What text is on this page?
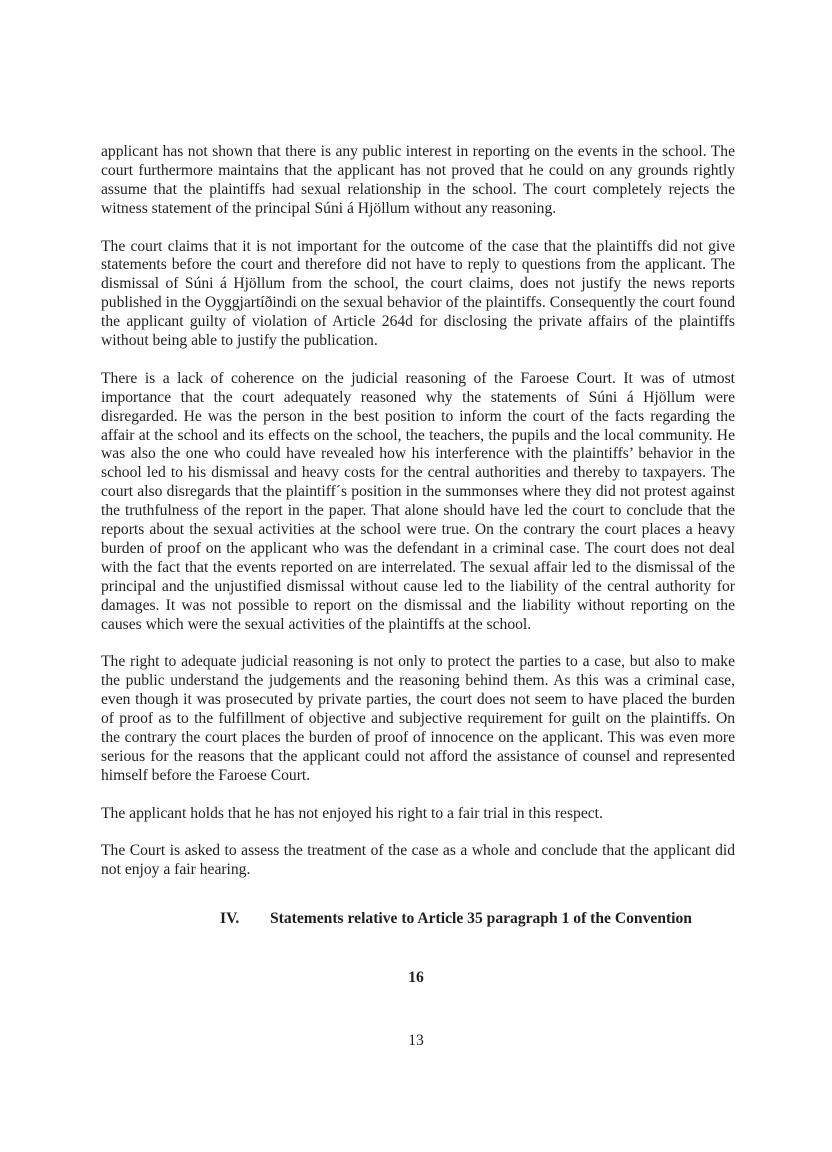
applicant has not shown that there is any public interest in reporting on the events in the school. The court furthermore maintains that the applicant has not proved that he could on any grounds rightly assume that the plaintiffs had sexual relationship in the school. The court completely rejects the witness statement of the principal Súni á Hjöllum without any reasoning.

The court claims that it is not important for the outcome of the case that the plaintiffs did not give statements before the court and therefore did not have to reply to questions from the applicant. The dismissal of Súni á Hjöllum from the school, the court claims, does not justify the news reports published in the Oyggjartíðindi on the sexual behavior of the plaintiffs. Consequently the court found the applicant guilty of violation of Article 264d for disclosing the private affairs of the plaintiffs without being able to justify the publication.

There is a lack of coherence on the judicial reasoning of the Faroese Court. It was of utmost importance that the court adequately reasoned why the statements of Súni á Hjöllum were disregarded. He was the person in the best position to inform the court of the facts regarding the affair at the school and its effects on the school, the teachers, the pupils and the local community. He was also the one who could have revealed how his interference with the plaintiffs’ behavior in the school led to his dismissal and heavy costs for the central authorities and thereby to taxpayers. The court also disregards that the plaintiff´s position in the summonses where they did not protest against the truthfulness of the report in the paper. That alone should have led the court to conclude that the reports about the sexual activities at the school were true. On the contrary the court places a heavy burden of proof on the applicant who was the defendant in a criminal case. The court does not deal with the fact that the events reported on are interrelated. The sexual affair led to the dismissal of the principal and the unjustified dismissal without cause led to the liability of the central authority for damages. It was not possible to report on the dismissal and the liability without reporting on the causes which were the sexual activities of the plaintiffs at the school.

The right to adequate judicial reasoning is not only to protect the parties to a case, but also to make the public understand the judgements and the reasoning behind them. As this was a criminal case, even though it was prosecuted by private parties, the court does not seem to have placed the burden of proof as to the fulfillment of objective and subjective requirement for guilt on the plaintiffs. On the contrary the court places the burden of proof of innocence on the applicant. This was even more serious for the reasons that the applicant could not afford the assistance of counsel and represented himself before the Faroese Court.

The applicant holds that he has not enjoyed his right to a fair trial in this respect.

The Court is asked to assess the treatment of the case as a whole and conclude that the applicant did not enjoy a fair hearing.

IV. Statements relative to Article 35 paragraph 1 of the Convention
16
13
